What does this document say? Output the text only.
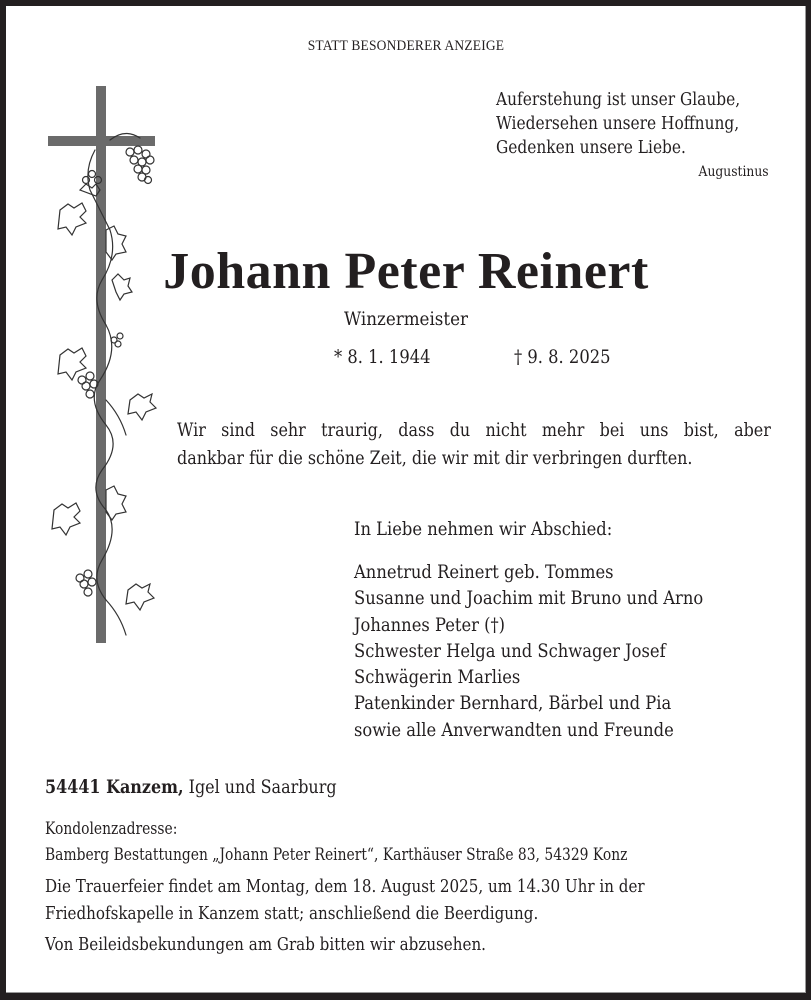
STATT BESONDERER ANZEIGE
Auferstehung ist unser Glaube,
Wiedersehen unsere Hoffnung,
Gedenken unsere Liebe.
Augustinus
Johann Peter Reinert
Winzermeister
* 8. 1. 1944	† 9. 8. 2025
Wir sind sehr traurig, dass du nicht mehr bei uns bist, aber
dankbar für die schöne Zeit, die wir mit dir verbringen durften.
In Liebe nehmen wir Abschied:
Annetrud Reinert geb. Tommes
Susanne und Joachim mit Bruno und Arno
Johannes Peter (†)
Schwester Helga und Schwager Josef
Schwägerin Marlies
Patenkinder Bernhard, Bärbel und Pia
sowie alle Anverwandten und Freunde
54441 Kanzem, Igel und Saarburg
Kondolenzadresse:
Bamberg Bestattungen „Johann Peter Reinert“, Karthäuser Straße 83, 54329 Konz
Die Trauerfeier findet am Montag, dem 18. August 2025, um 14.30 Uhr in der
Friedhofskapelle in Kanzem statt; anschließend die Beerdigung.
Von Beileidsbekundungen am Grab bitten wir abzusehen.
